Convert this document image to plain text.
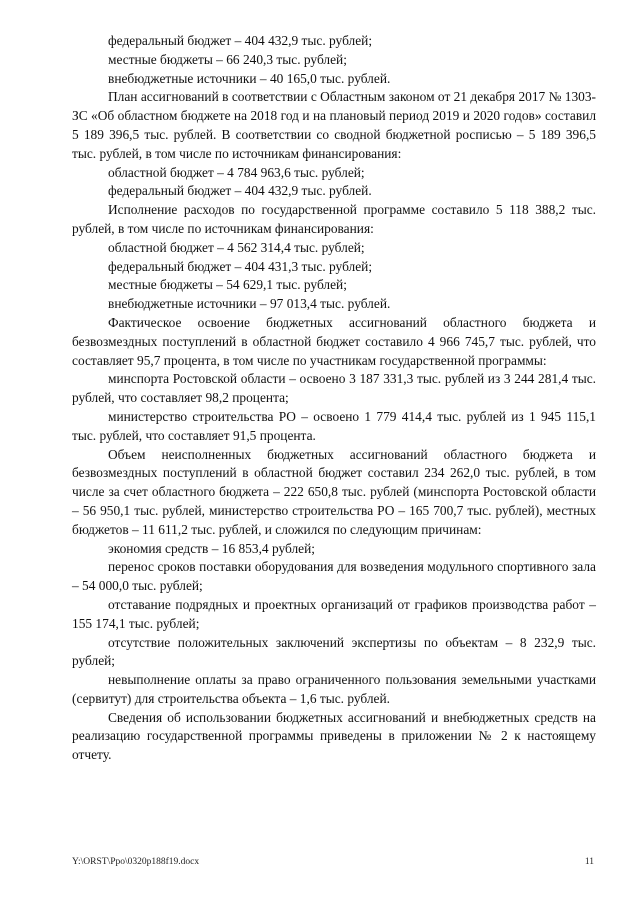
федеральный бюджет – 404 432,9 тыс. рублей;

местные бюджеты – 66 240,3 тыс. рублей;

внебюджетные источники – 40 165,0 тыс. рублей.

План ассигнований в соответствии с Областным законом от 21 декабря 2017 № 1303-ЗС «Об областном бюджете на 2018 год и на плановый период 2019 и 2020 годов» составил 5 189 396,5 тыс. рублей. В соответствии со сводной бюджетной росписью – 5 189 396,5 тыс. рублей, в том числе по источникам финансирования:

областной бюджет – 4 784 963,6 тыс. рублей;

федеральный бюджет – 404 432,9 тыс. рублей.

Исполнение расходов по государственной программе составило 5 118 388,2 тыс. рублей, в том числе по источникам финансирования:

областной бюджет – 4 562 314,4 тыс. рублей;

федеральный бюджет – 404 431,3 тыс. рублей;

местные бюджеты – 54 629,1 тыс. рублей;

внебюджетные источники – 97 013,4 тыс. рублей.

Фактическое освоение бюджетных ассигнований областного бюджета и безвозмездных поступлений в областной бюджет составило 4 966 745,7 тыс. рублей, что составляет 95,7 процента, в том числе по участникам государственной программы:

минспорта Ростовской области – освоено 3 187 331,3 тыс. рублей из 3 244 281,4 тыс. рублей, что составляет 98,2 процента;

министерство строительства РО – освоено 1 779 414,4 тыс. рублей из 1 945 115,1 тыс. рублей, что составляет 91,5 процента.

Объем неисполненных бюджетных ассигнований областного бюджета и безвозмездных поступлений в областной бюджет составил 234 262,0 тыс. рублей, в том числе за счет областного бюджета – 222 650,8 тыс. рублей (минспорта Ростовской области – 56 950,1 тыс. рублей, министерство строительства РО – 165 700,7 тыс. рублей), местных бюджетов – 11 611,2 тыс. рублей, и сложился по следующим причинам:

экономия средств – 16 853,4 рублей;

перенос сроков поставки оборудования для возведения модульного спортивного зала – 54 000,0 тыс. рублей;

отставание подрядных и проектных организаций от графиков производства работ – 155 174,1 тыс. рублей;

отсутствие положительных заключений экспертизы по объектам – 8 232,9 тыс. рублей;

невыполнение оплаты за право ограниченного пользования земельными участками (сервитут) для строительства объекта – 1,6 тыс. рублей.

Сведения об использовании бюджетных ассигнований и внебюджетных средств на реализацию государственной программы приведены в приложении № 2 к настоящему отчету.

Y:\ORST\Ppo\0320p188f19.docx	11
